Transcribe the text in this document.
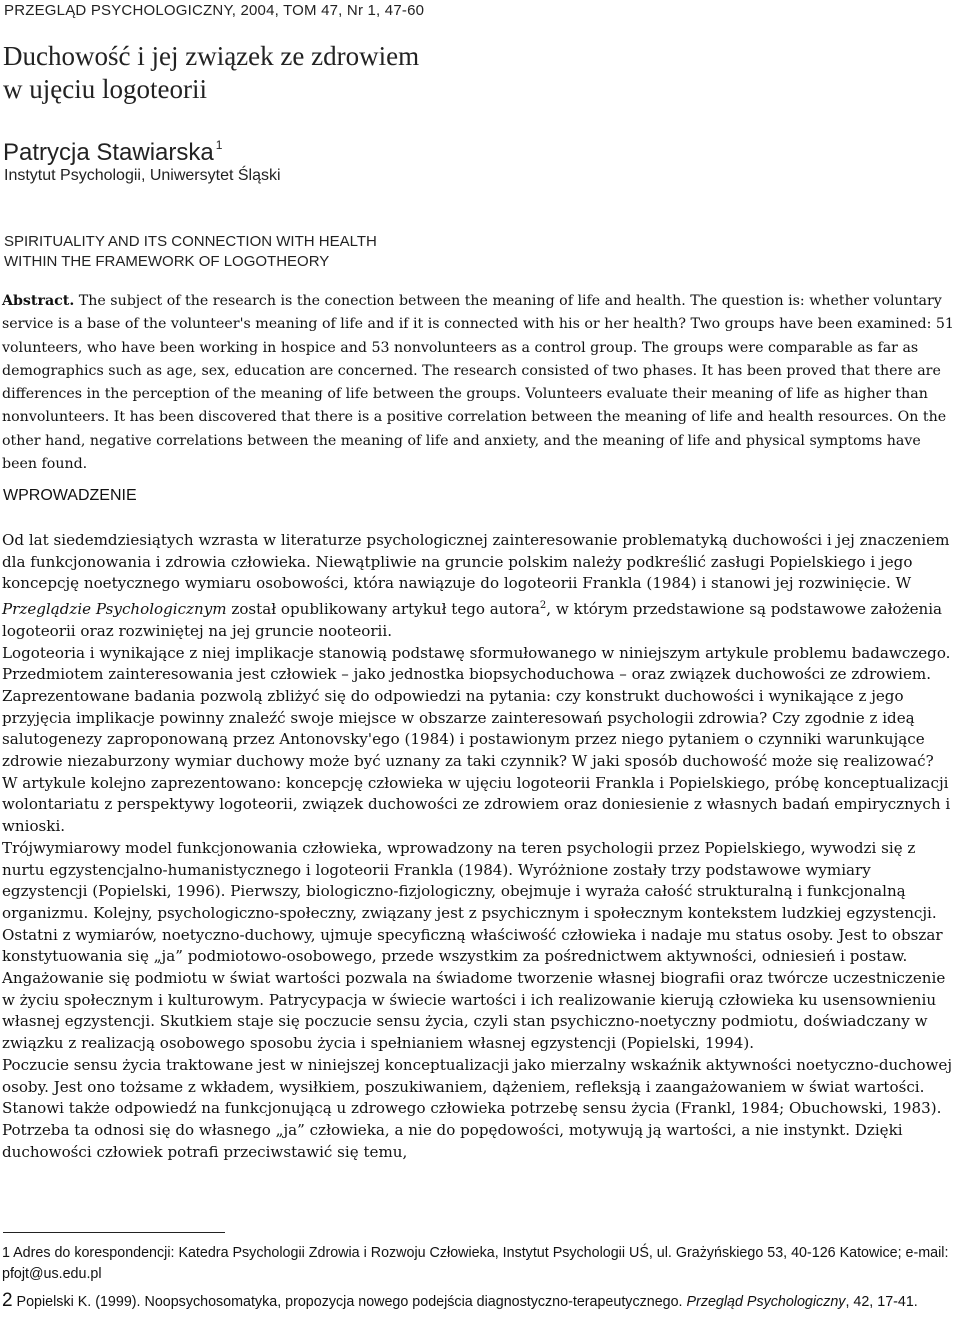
PRZEGLĄD PSYCHOLOGICZNY, 2004, TOM 47, Nr 1, 47-60
Duchowość i jej związek ze zdrowiem
w ujęciu logoteorii
Patrycja Stawiarska $^1$
Instytut Psychologii, Uniwersytet Śląski
SPIRITUALITY AND ITS CONNECTION WITH HEALTH
WITHIN THE FRAMEWORK OF LOGOTHEORY

Abstract. The subject of the research is the conection between the meaning of life and health. The question is: whether voluntary service is a base of the volunteer's meaning of life and if it is connected with his or her health? Two groups have been examined: 51 volunteers, who have been working in hospice and 53 nonvolunteers as a control group. The groups were comparable as far as demographics such as age, sex, education are concerned. The research consisted of two phases. It has been proved that there are differences in the perception of the meaning of life between the groups. Volunteers evaluate their meaning of life as higher than nonvolunteers. It has been discovered that there is a positive correlation between the meaning of life and health resources. On the other hand, negative correlations between the meaning of life and anxiety, and the meaning of life and physical symptoms have been found.

WPROWADZENIE

Od lat siedemdziesiątych wzrasta w literaturze psychologicznej zainteresowanie problematyką duchowości i jej znaczeniem dla funkcjonowania i zdrowia człowieka. Niewątpliwie na gruncie polskim należy podkreślić zasługi Popielskiego i jego koncepcję noetycznego wymiaru osobowości, która nawiązuje do logoteorii Frankla (1984) i stanowi jej rozwinięcie. W Przeglądzie Psychologicznym został opublikowany artykuł tego autora$^2$, w którym przedstawione są podstawowe założenia logoteorii oraz rozwiniętej na jej gruncie nooteorii.

Logoteoria i wynikające z niej implikacje stanowią podstawę sformułowanego w niniejszym artykule problemu badawczego. Przedmiotem zainteresowania jest człowiek – jako jednostka biopsychoduchowa – oraz związek duchowości ze zdrowiem. Zaprezentowane badania pozwolą zbliżyć się do odpowiedzi na pytania: czy konstrukt duchowości i wynikające z jego przyjęcia implikacje powinny znaleźć swoje miejsce w obszarze zainteresowań psychologii zdrowia? Czy zgodnie z ideą salutogenezy zaproponowaną przez Antonovsky'ego (1984) i postawionym przez niego pytaniem o czynniki warunkujące zdrowie niezaburzony wymiar duchowy może być uznany za taki czynnik? W jaki sposób duchowość może się realizować?

W artykule kolejno zaprezentowano: koncepcję człowieka w ujęciu logoteorii Frankla i Popielskiego, próbę konceptualizacji wolontariatu z perspektywy logoteorii, związek duchowości ze zdrowiem oraz doniesienie z własnych badań empirycznych i wnioski.

Trójwymiarowy model funkcjonowania człowieka, wprowadzony na teren psychologii przez Popielskiego, wywodzi się z nurtu egzystencjalno-humanistycznego i logoteorii Frankla (1984). Wyróżnione zostały trzy podstawowe wymiary egzystencji (Popielski, 1996). Pierwszy, biologiczno-fizjologiczny, obejmuje i wyraża całość strukturalną i funkcjonalną organizmu. Kolejny, psychologiczno-społeczny, związany jest z psychicznym i społecznym kontekstem ludzkiej egzystencji. Ostatni z wymiarów, noetyczno-duchowy, ujmuje specyficzną właściwość człowieka i nadaje mu status osoby. Jest to obszar konstytuowania się „ja” podmiotowo-osobowego, przede wszystkim za pośrednictwem aktywności, odniesień i postaw. Angażowanie się podmiotu w świat wartości pozwala na świadome tworzenie własnej biografii oraz twórcze uczestniczenie w życiu społecznym i kulturowym. Patrycypacja w świecie wartości i ich realizowanie kierują człowieka ku usensownieniu własnej egzystencji. Skutkiem staje się poczucie sensu życia, czyli stan psychiczno-noetyczny podmiotu, doświadczany w związku z realizacją osobowego sposobu życia i spełnianiem własnej egzystencji (Popielski, 1994).

Poczucie sensu życia traktowane jest w niniejszej konceptualizacji jako mierzalny wskaźnik aktywności noetyczno-duchowej osoby. Jest ono tożsame z wkładem, wysiłkiem, poszukiwaniem, dążeniem, refleksją i zaangażowaniem w świat wartości. Stanowi także odpowiedź na funkcjonującą u zdrowego człowieka potrzebę sensu życia (Frankl, 1984; Obuchowski, 1983). Potrzeba ta odnosi się do własnego „ja” człowieka, a nie do popędowości, motywują ją wartości, a nie instynkt. Dzięki duchowości człowiek potrafi przeciwstawić się temu,

1 Adres do korespondencji: Katedra Psychologii Zdrowia i Rozwoju Człowieka, Instytut Psychologii UŚ, ul. Grażyńskiego 53, 40-126 Katowice; e-mail: pfojt@us.edu.pl

2 Popielski K. (1999). Noopsychosomatyka, propozycja nowego podejścia diagnostyczno-terapeutycznego. Przegląd Psychologiczny, 42, 17-41.
